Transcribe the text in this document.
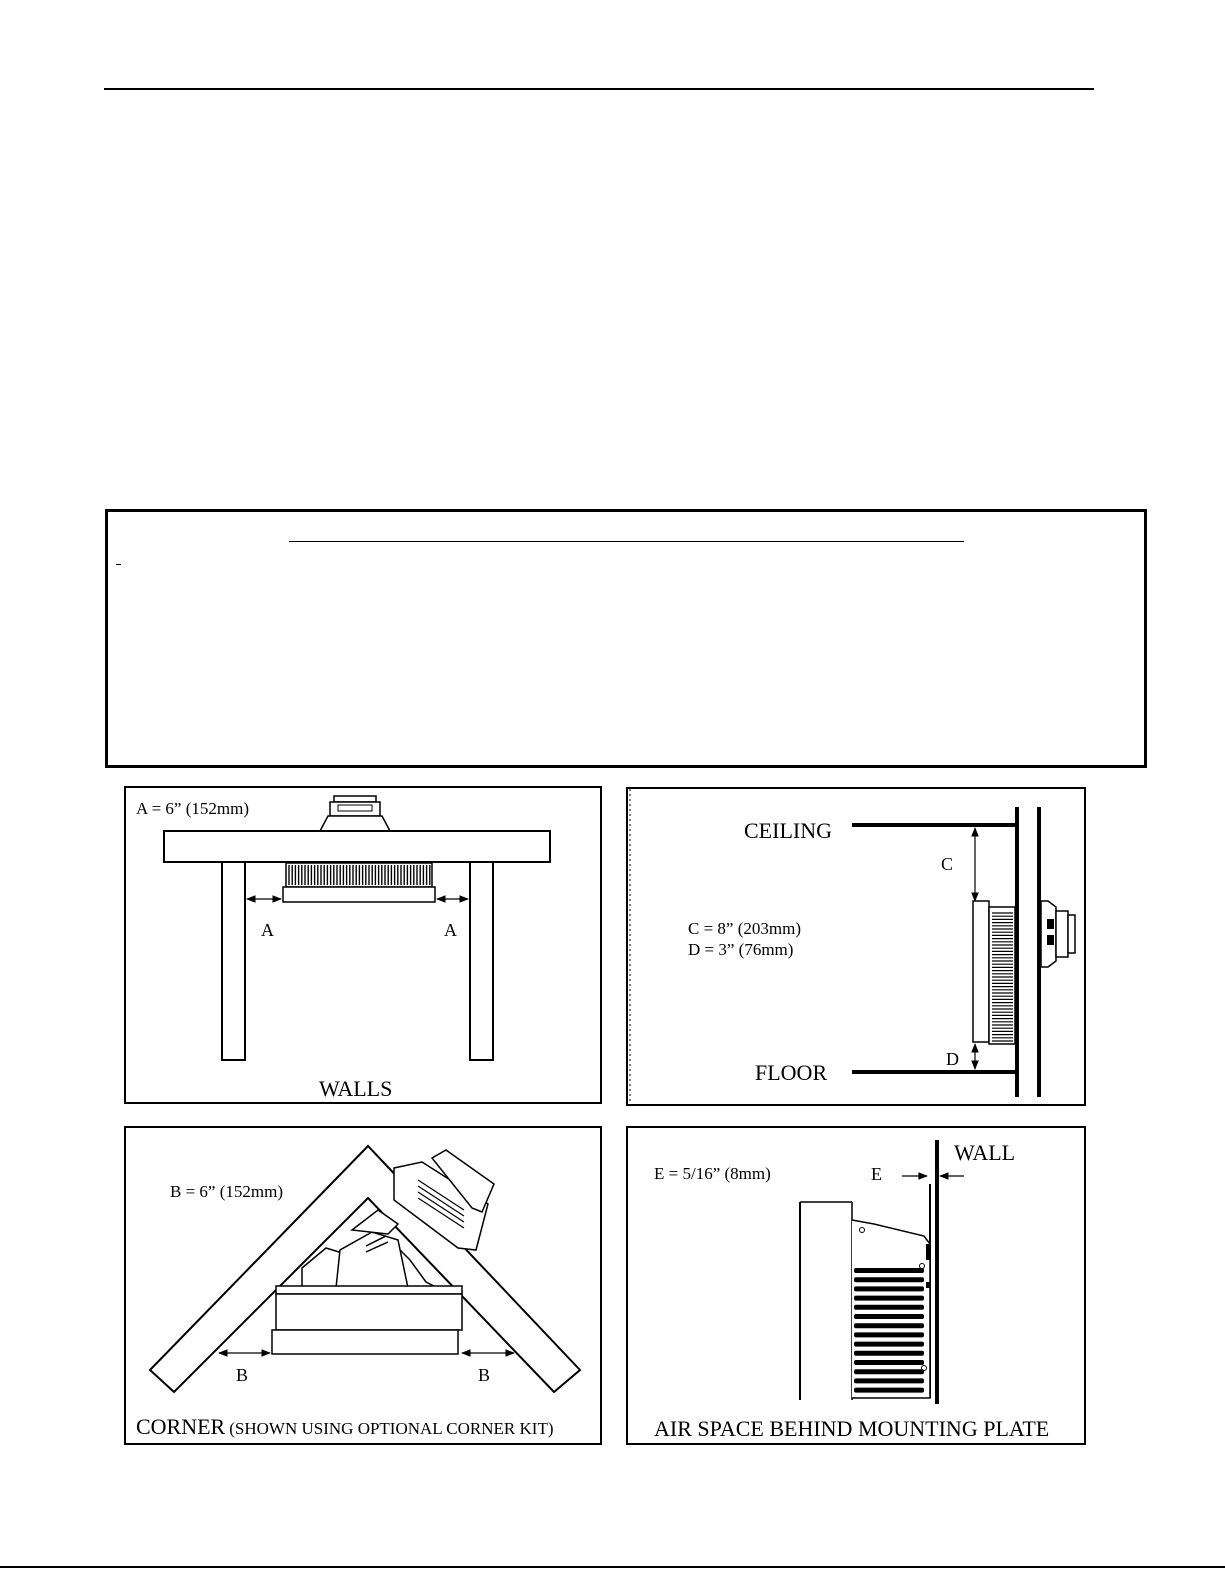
A = 6” (152mm)
A	A
WALLS
CEILING
FLOOR
C
D
C = 8” (203mm)
D = 3” (76mm)
B = 6” (152mm)
B	B
CORNER (SHOWN USING OPTIONAL CORNER KIT)
E = 5/16” (8mm)	E
WALL
AIR SPACE BEHIND MOUNTING PLATE
